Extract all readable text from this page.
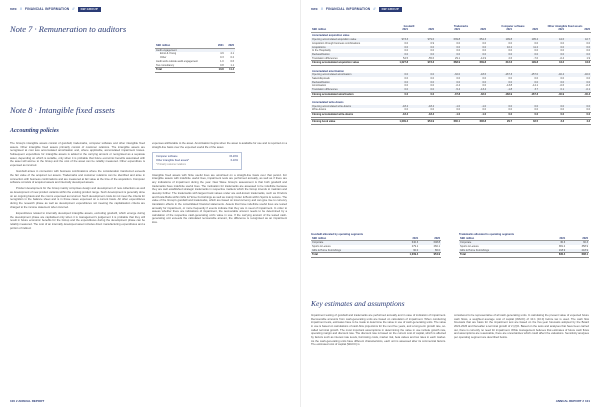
nwc // FINANCIAL INFORMATION //	NW GROUP
Note 7 · Remuneration to auditors
SEK million	2021	2020
Audit engagement		
Ernst & Young	4.9	4.1
Other	0.3	0.2

Audit work outside audit engagement	1.0	0.6
Tax consultancy	0.8	1.1
Total	13.8	11.4
Note 8 · Intangible fixed assets
Accounting policies

The Group's intangible assets consist of goodwill, trademarks, computer software and other intangible fixed assets. Other intangible fixed assets primarily consist of customer relations. The intangible assets are recognised at cost less accumulated amortisation and, where applicable, accumulated impairment losses. Subsequent expenditure for intangible assets is added to the carrying amount or recognised as a separate asset, depending on which is suitable, only when it is probable that future economic benefits associated with the asset will accrue to the Group and the cost of the asset can be reliably measured. Other expenditure is expensed as incurred.

Goodwill arises in connection with business combinations where the consideration transferred exceeds the fair value of the acquired net assets. Trademarks and customer relations can be identified and arise in connection with business combinations and are measured at fair value at the time of the acquisition. Computer software consists of acquired assets and internally developed assets.

Product development for the Group mainly comprises design and development of new collections as well as development of new product variants within the existing product range. Such development is generally done on an ongoing basis and the cost is expensed as incurred. Such development costs do not meet the criteria for recognition in the balance sheet and is in those cases expensed on a current basis. All other expenditures during the research phase as well as development expenditures not meeting the capitalisation criteria are charged to the income statement when incurred.

Expenditures related to internally developed intangible assets, excluding goodwill, which emerge during the development phase are capitalised only when it is management's judgement it is probable that they will result in future economic benefits for the Group and the expenditures during the development phase can be reliably measured. The cost of an internally developed asset includes direct manufacturing expenditures and a portion of indirect

expenses attributable to the asset. Amortisation begins when the asset is available for use and is reported on a straight-line basis over the expected useful life of the asset.

Computer software	15-20%
Other intangible fixed assets*	6-10%
* Primarily customer relations

Intangible fixed assets with finite useful lives are amortised on a straight-line basis over that period. For intangible assets with indefinite useful lives, impairment tests are performed annually, as well as if there are any indications of impairment during the year. New Wave Group's assessment is that both goodwill and trademarks have indefinite useful lives. The motivation for trademarks are assessed to be indefinite because they are well established strategic trademarks in respective markets which the Group intends to maintain and develop further. The trademarks with largest book values under are well-known trademarks, such as Orrefors and Kosta Boda within Gifts & Home Furnishings as well as mainly Cutter & Buck within Sports & Leisure. The value of the Group's goodwill and trademarks, which are based on local currency and can give rise to currency translation effects in the consolidated financial statements. Assets that have indefinite useful lives are tested annually for impairment, or more frequently if events indicate that they are in need of impairment. In order to assess whether there are indications of impairment, the recoverable amount needs to be determined by a calculation of the respective cash-generating unit's value in use. If the carrying amount of the tested cash-generating unit exceeds the calculated recoverable amount, the difference is recognised as an impairment loss.

100 // ANNUAL REPORT
nwc // FINANCIAL INFORMATION //	NW GROUP
	Goodwill		Trademarks		Computer software		Other intangible fixed assets	
SEK million	2021	2020	2021	2020	2021	2020	2021	2020
Accumulated acquisition value								
Opening accumulated acquisition value	973.3	979.6	639.8	654.3	199.8	195.4	44.6	42.7
Acquisition through business combinations	0.0	0.9	0.0	0.0	0.0	0.0	0.0	0.0
Acquisitions	0.0	0.0	0.0	0.0	10.2	11.2	0.0	0.0
In the Hospitality	0.0	0.0	0.0	0.0	0.0	0.0	0.0	0.0
Reclassification	0.0	0.0	0.0	0.0	0.0	0.0	0.0	0.0
Translation differences	54.5	-55.6	29.1	-14.9	2.6	-7.0	-0.4	1.9
Closing accumulated acquisition value	1,027.8	973.3	668.9	639.8	212.6	199.8	44.2	44.6

Accumulated amortisation								
Opening accumulated amortisation	0.0	0.0	-32.0	-18.6	-167.3	-157.0	-40.4	-40.0
Sales/disposals	0.0	0.0	0.0	0.0	0.0	0.0	0.0	0.0
Reclassification	0.0	0.0	0.0	0.0	0.0	0.0	0.0	0.0
Amortisation	0.0	0.0	-0.4	0.0	-13.8	-14.1	-0.6	-0.3
Translation differences	0.0	0.0	-5.4	-13.4	-1.8	3.7	0.1	-0.1
Closing accumulated amortisation	0.0	0.0	-37.8	-32.0	-182.9	-167.3	-40.9	-40.4

Accumulated write-downs								
Opening accumulated write-downs	-18.4	-18.4	-1.0	-1.0	0.0	0.0	0.0	0.0
Write-downs	0.0	0.0	0.0	0.0	0.0	0.0	0.0	0.0
Closing accumulated write-downs	-18.4	-18.4	-1.0	-1.0	0.0	0.0	0.0	0.0

Closing book value	1,009.4	954.9	630.1	606.8	29.7	32.5	3.3	4.2

Goodwill allocated by operating segments
SEK million	2021	2020
Corporate	640.3	608.8
Sports & Leisure	279.1	260.1
Gifts & Home Furnishings	90.0	86.0
Total	1,009.4	954.9
Trademarks allocated to operating segments
SEK million	2021	2020
Corporate	30.3	30.3
Sports & Leisure	381.2	358.9
Gifts & Home Furnishings	218.9	218.9
Total	630.4	608.1
Key estimates and assumptions

Impairment testing of goodwill and trademarks are performed annually and in case of indication of impairment. Recoverable amounts from cash-generating units are based on calculation of impairment. When conducting impairment tests, estimates have to be made to determine the value in use of cash-generating units. The value in use is based on calculations of cash-flow projections for the next five years, and a long-term growth rate, so-called terminal growth. The most important assumptions in determining the value in use include growth rate, operating margin and discount rate. The discount rate is based on the current cost of capital, which is affected by factors such as interest rate levels, borrowing costs, market risk, beta values and tax rates in each market. As the cash-generating units have different characteristics, each unit is assessed after its commercial factors. The estimated cost of capital (WACC) is

considered to be representative of all cash-generating units. In calculating the present value of expected future cash flows, a weighted average cost of capital (WACC) of 10.1 (10.0) before tax is used. The cash flow forecasts that are basis for the impairment test are based on the five-year forecasts adopted by the Board 2022-2026 and thereafter a terminal growth of 2 (2)%. Based on the tests and analyses that have been carried out, there is currently no need for impairment. While management believes that estimates of future cash flows and assumptions are reasonable, there are uncertainties which could affect the valuations. Sensitivity analyses per operating segment are described below.

ANNUAL REPORT // 101
